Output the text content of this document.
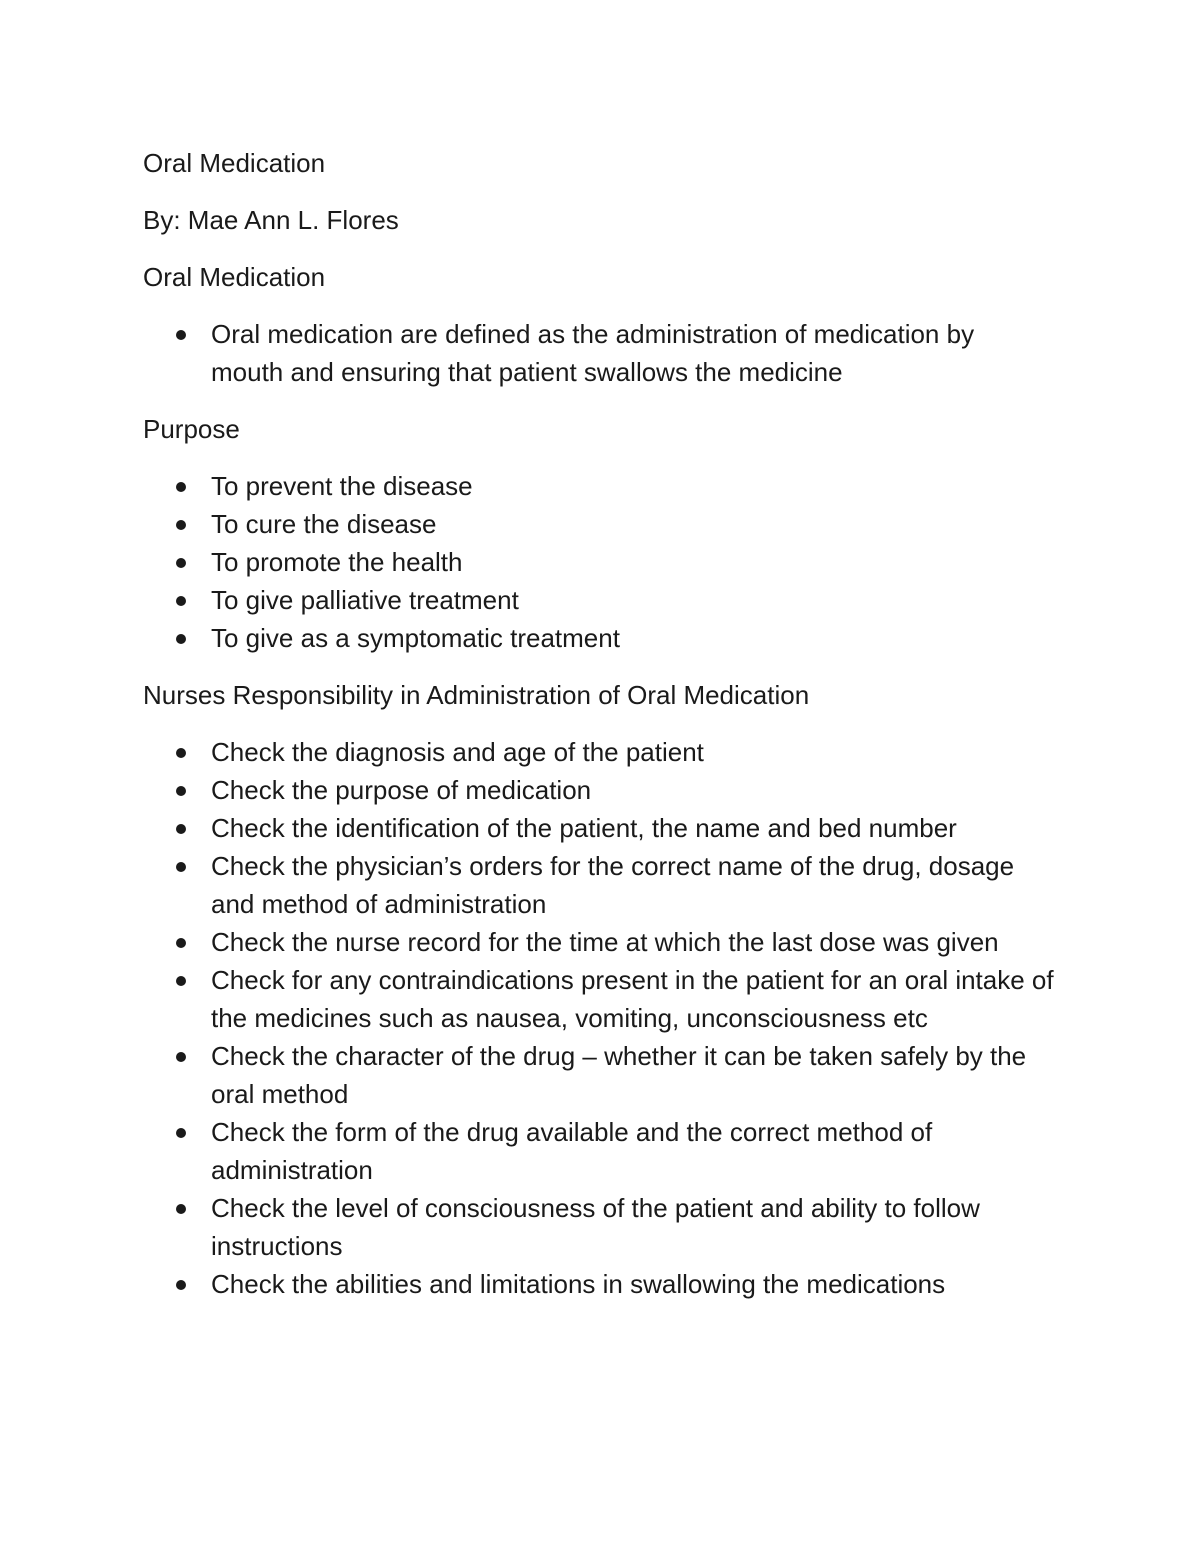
Oral Medication

By: Mae Ann L. Flores

Oral Medication

Oral medication are defined as the administration of medication by mouth and ensuring that patient swallows the medicine

Purpose

To prevent the disease
To cure the disease
To promote the health
To give palliative treatment
To give as a symptomatic treatment

Nurses Responsibility in Administration of Oral Medication

Check the diagnosis and age of the patient
Check the purpose of medication
Check the identification of the patient, the name and bed number
Check the physician’s orders for the correct name of the drug, dosage and method of administration
Check the nurse record for the time at which the last dose was given
Check for any contraindications present in the patient for an oral intake of the medicines such as nausea, vomiting, unconsciousness etc
Check the character of the drug – whether it can be taken safely by the oral method
Check the form of the drug available and the correct method of administration
Check the level of consciousness of the patient and ability to follow instructions
Check the abilities and limitations in swallowing the medications
